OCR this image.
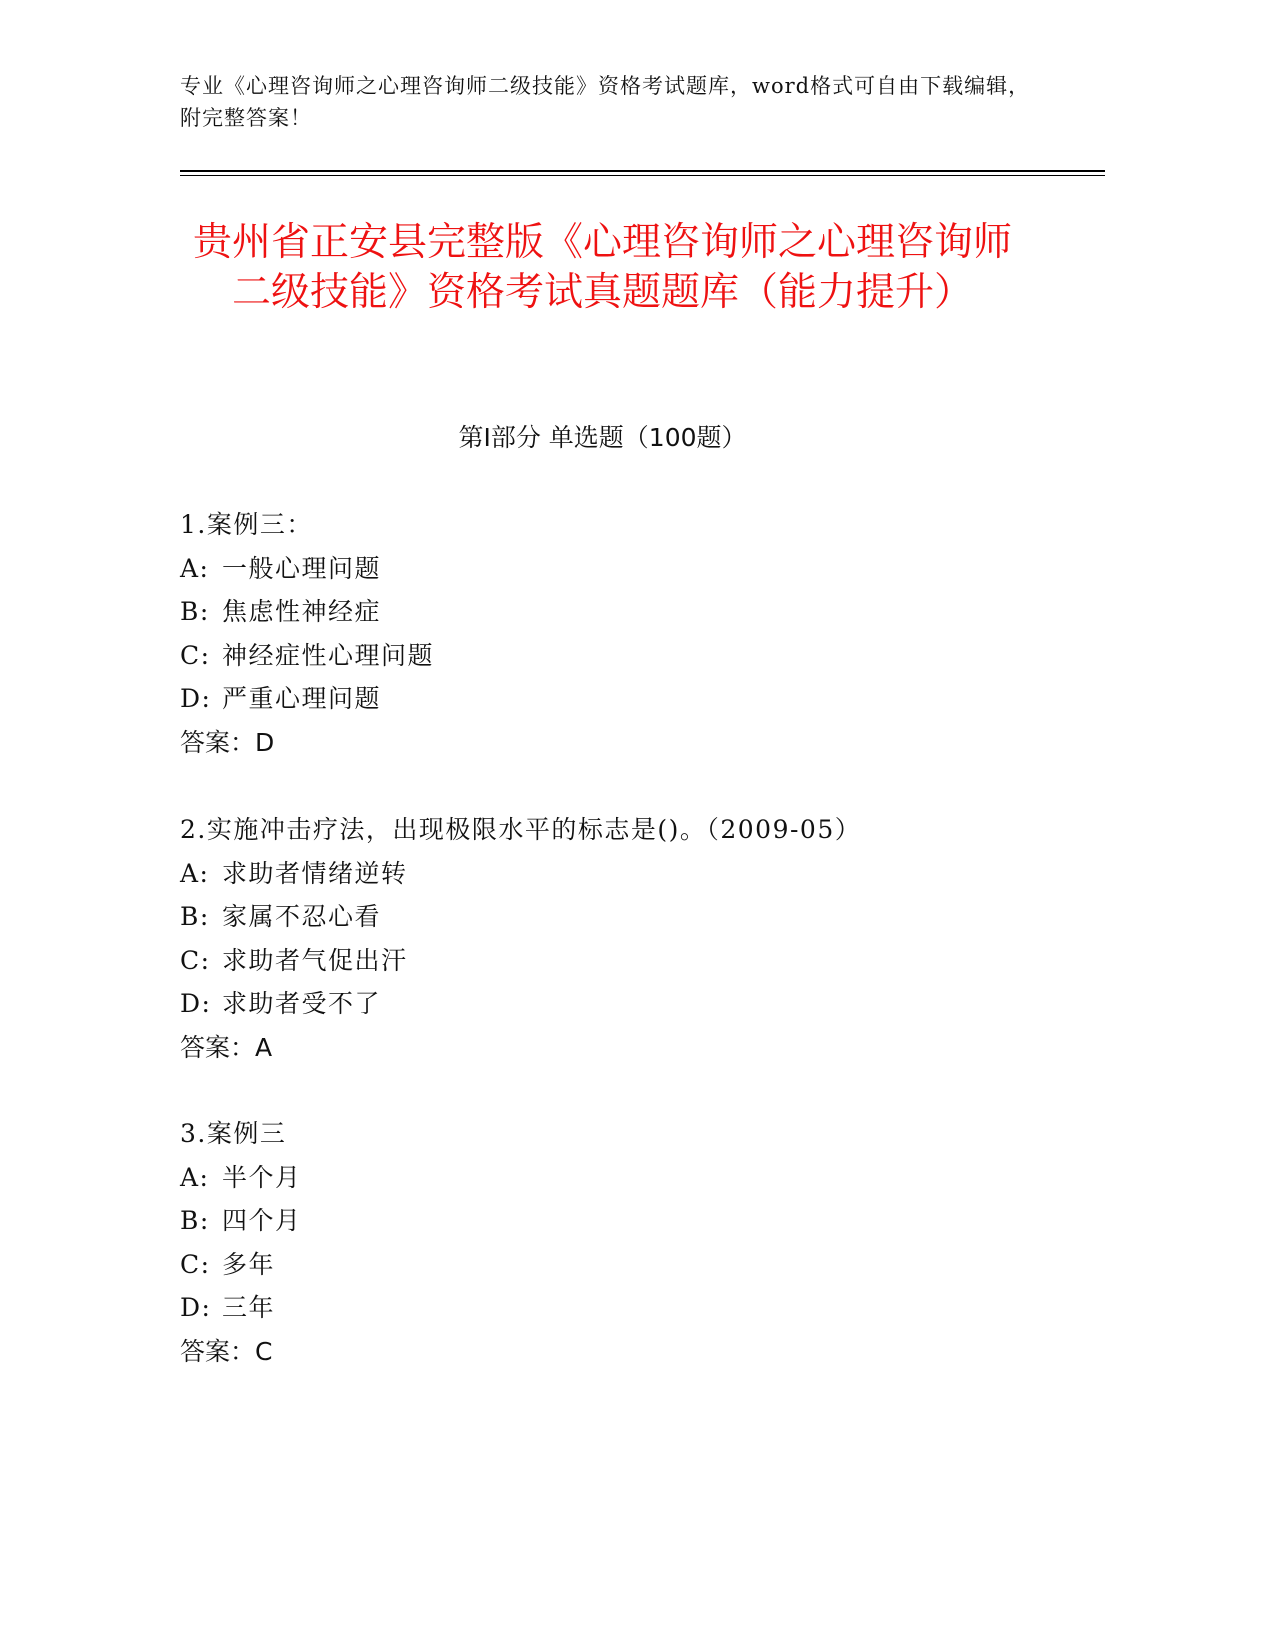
专业《心理咨询师之心理咨询师二级技能》资格考试题库，word格式可自由下载编辑，附完整答案！

贵州省正安县完整版《心理咨询师之心理咨询师二级技能》资格考试真题题库（能力提升）
第Ⅰ部分 单选题（100题）
1.案例三：
A: 一般心理问题
B: 焦虑性神经症
C: 神经症性心理问题
D: 严重心理问题
答案：D
2.实施冲击疗法，出现极限水平的标志是()。（2009-05）
A: 求助者情绪逆转
B: 家属不忍心看
C: 求助者气促出汗
D: 求助者受不了
答案：A
3.案例三
A: 半个月
B: 四个月
C: 多年
D: 三年
答案：C
